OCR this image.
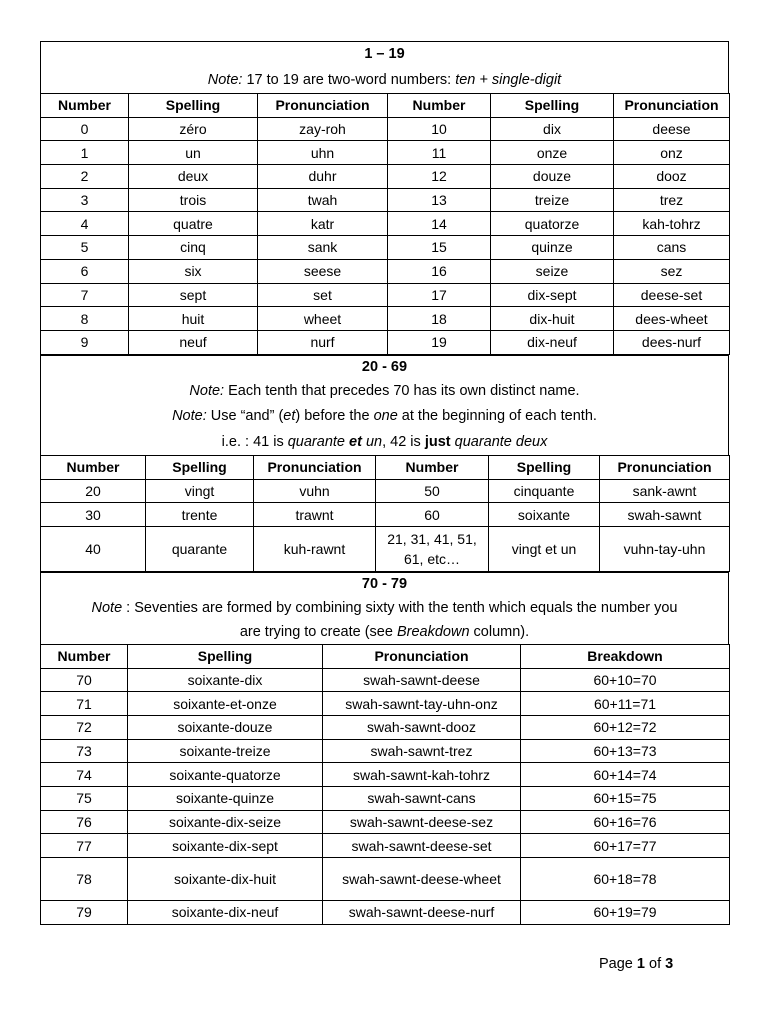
1 – 19
Note: 17 to 19 are two-word numbers: ten + single-digit
Number	Spelling	Pronunciation	Number	Spelling	Pronunciation
0	zéro	zay-roh	10	dix	deese
1	un	uhn	11	onze	onz
2	deux	duhr	12	douze	dooz
3	trois	twah	13	treize	trez
4	quatre	katr	14	quatorze	kah-tohrz
5	cinq	sank	15	quinze	cans
6	six	seese	16	seize	sez
7	sept	set	17	dix-sept	deese-set
8	huit	wheet	18	dix-huit	dees-wheet
9	neuf	nurf	19	dix-neuf	dees-nurf
20 - 69
Note: Each tenth that precedes 70 has its own distinct name.
Note: Use “and” (et) before the one at the beginning of each tenth.
i.e. : 41 is quarante et un, 42 is just quarante deux
Number	Spelling	Pronunciation	Number	Spelling	Pronunciation
20	vingt	vuhn	50	cinquante	sank-awnt
30	trente	trawnt	60	soixante	swah-sawnt
40	quarante	kuh-rawnt	21, 31, 41, 51, 61, etc…	vingt et un	vuhn-tay-uhn
70 - 79
Note : Seventies are formed by combining sixty with the tenth which equals the number you
are trying to create (see Breakdown column).
Number	Spelling	Pronunciation	Breakdown
70	soixante-dix	swah-sawnt-deese	60+10=70
71	soixante-et-onze	swah-sawnt-tay-uhn-onz	60+11=71
72	soixante-douze	swah-sawnt-dooz	60+12=72
73	soixante-treize	swah-sawnt-trez	60+13=73
74	soixante-quatorze	swah-sawnt-kah-tohrz	60+14=74
75	soixante-quinze	swah-sawnt-cans	60+15=75
76	soixante-dix-seize	swah-sawnt-deese-sez	60+16=76
77	soixante-dix-sept	swah-sawnt-deese-set	60+17=77
78	soixante-dix-huit	swah-sawnt-deese-wheet	60+18=78
79	soixante-dix-neuf	swah-sawnt-deese-nurf	60+19=79
Page 1 of 3
